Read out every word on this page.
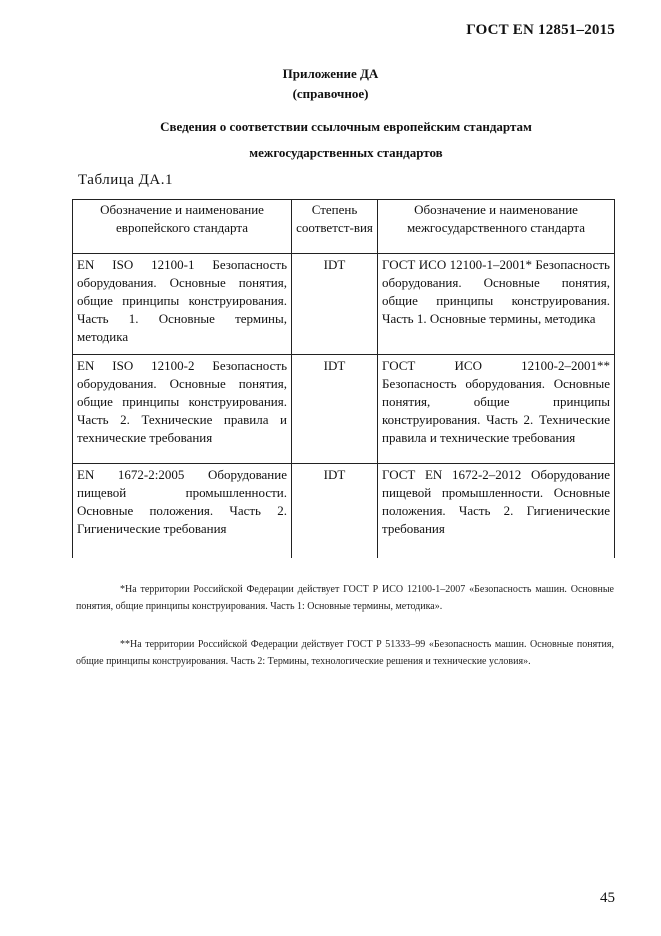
ГОСТ EN 12851–2015
Приложение ДА
(справочное)
Сведения о соответствии ссылочным европейским стандартам
межгосударственных стандартов
Таблица ДА.1
Обозначение и наименование европейского стандарта	Степень соответст-вия	Обозначение и наименование межгосударственного стандарта
EN ISO 12100-1 Безопасность оборудования. Основные понятия, общие принципы конструирования. Часть 1. Основные термины, методика	IDT	ГОСТ ИСО 12100-1–2001* Безопасность оборудования. Основные понятия, общие принципы конструирования. Часть 1. Основные термины, методика
EN ISO 12100-2 Безопасность оборудования. Основные понятия, общие принципы конструирования. Часть 2. Технические правила и технические требования	IDT	ГОСТ ИСО 12100-2–2001** Безопасность оборудования. Основные понятия, общие принципы конструирования. Часть 2. Технические правила и технические требования
EN 1672-2:2005 Оборудование пищевой промышленности. Основные положения. Часть 2. Гигиенические требования	IDT	ГОСТ EN 1672-2–2012 Оборудование пищевой промышленности. Основные положения. Часть 2. Гигиенические требования
*На территории Российской Федерации действует ГОСТ Р ИСО 12100-1–2007 «Безопасность машин. Основные понятия, общие принципы конструирования. Часть 1: Основные термины, методика».
**На территории Российской Федерации действует ГОСТ Р 51333–99 «Безопасность машин. Основные понятия, общие принципы конструирования. Часть 2: Термины, технологические решения и технические условия».
45
